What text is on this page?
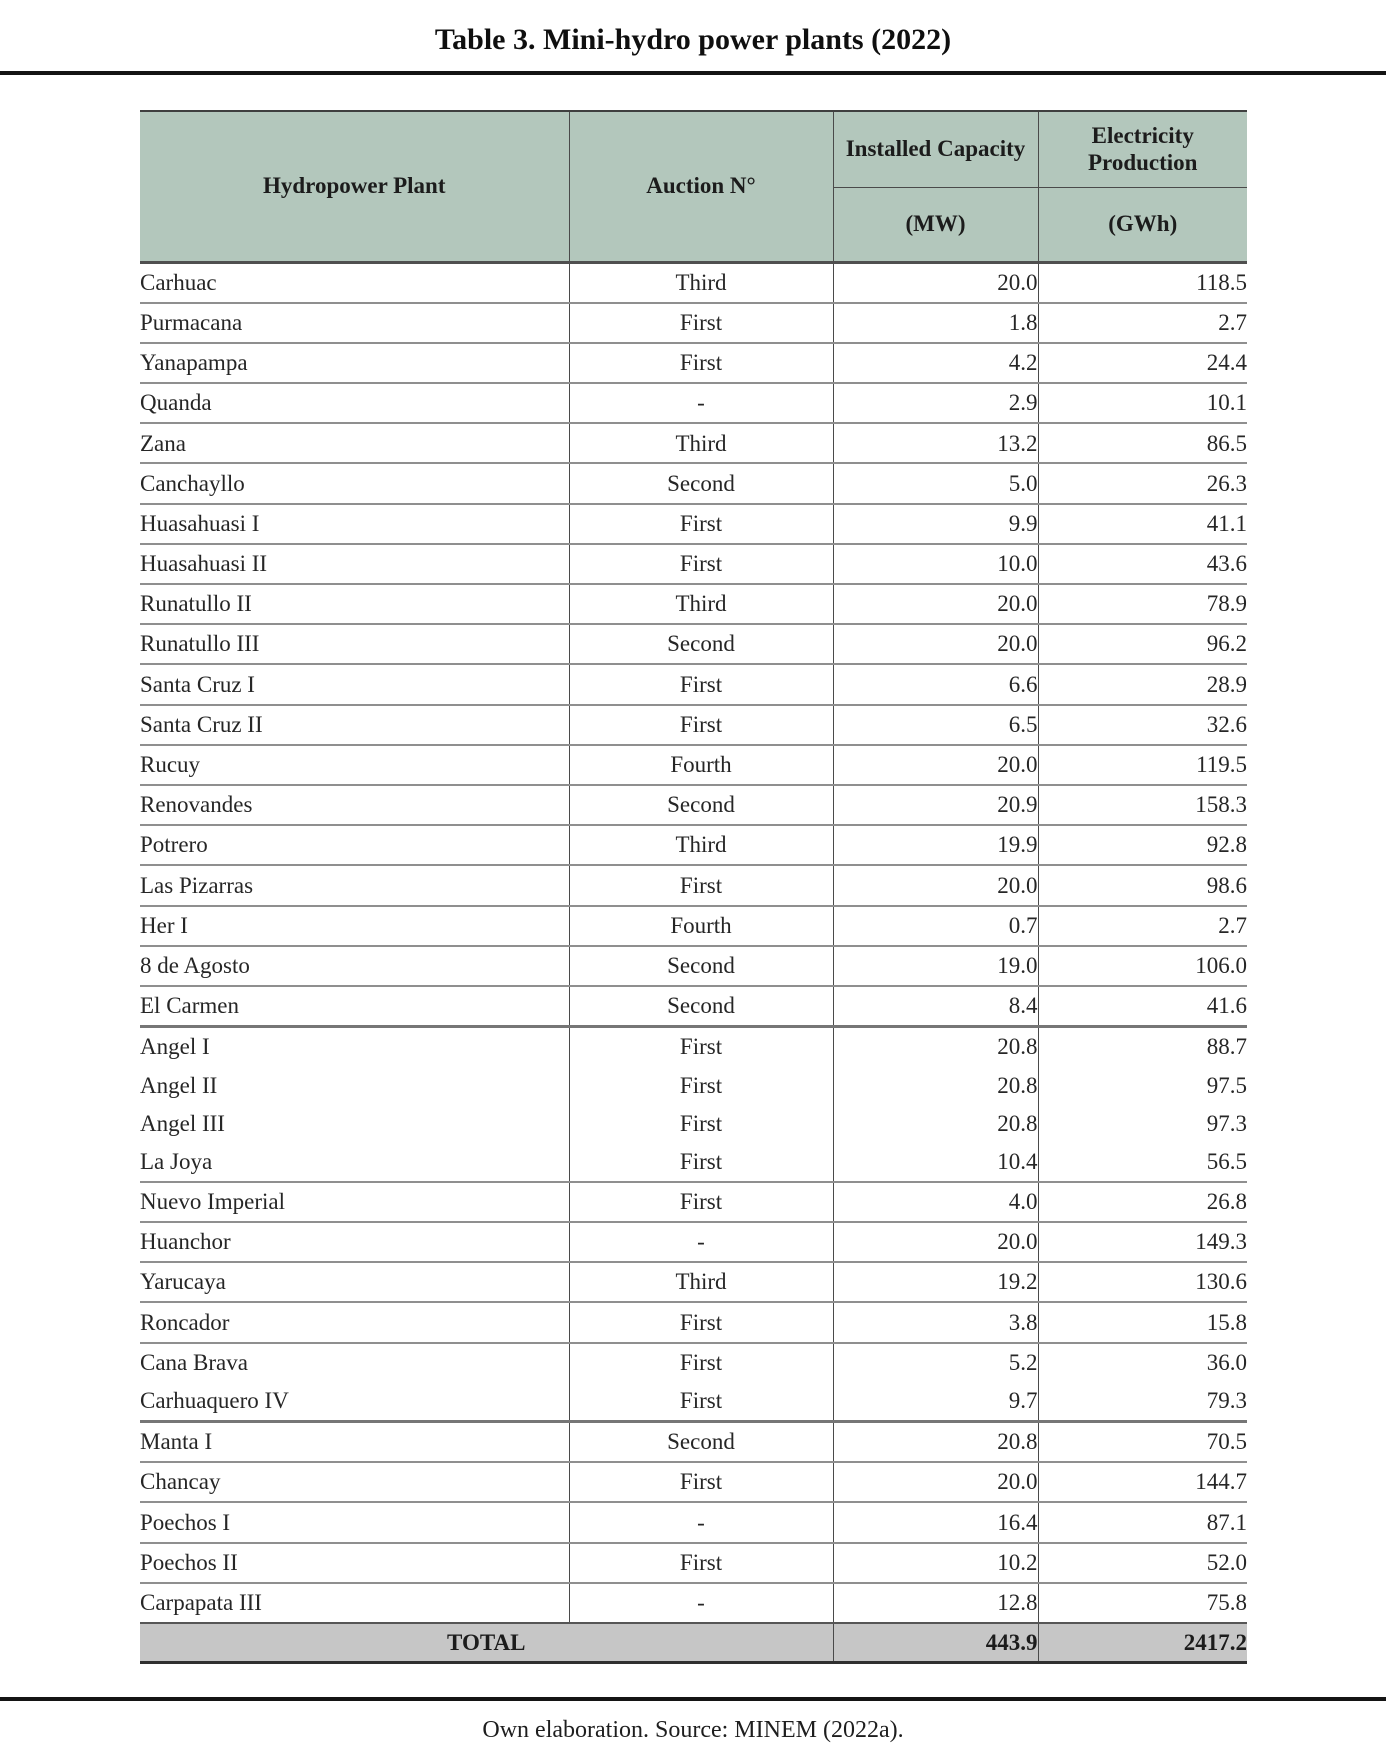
Table 3. Mini-hydro power plants (2022)
Hydropower Plant	Auction N°	Installed Capacity	Electricity Production
		(MW)	(GWh)
Carhuac	Third	20.0	118.5
Purmacana	First	1.8	2.7
Yanapampa	First	4.2	24.4
Quanda	-	2.9	10.1
Zana	Third	13.2	86.5
Canchayllo	Second	5.0	26.3
Huasahuasi I	First	9.9	41.1
Huasahuasi II	First	10.0	43.6
Runatullo II	Third	20.0	78.9
Runatullo III	Second	20.0	96.2
Santa Cruz I	First	6.6	28.9
Santa Cruz II	First	6.5	32.6
Rucuy	Fourth	20.0	119.5
Renovandes	Second	20.9	158.3
Potrero	Third	19.9	92.8
Las Pizarras	First	20.0	98.6
Her I	Fourth	0.7	2.7
8 de Agosto	Second	19.0	106.0
El Carmen	Second	8.4	41.6
Angel I	First	20.8	88.7
Angel II	First	20.8	97.5
Angel III	First	20.8	97.3
La Joya	First	10.4	56.5
Nuevo Imperial	First	4.0	26.8
Huanchor	-	20.0	149.3
Yarucaya	Third	19.2	130.6
Roncador	First	3.8	15.8
Cana Brava	First	5.2	36.0
Carhuaquero IV	First	9.7	79.3
Manta I	Second	20.8	70.5
Chancay	First	20.0	144.7
Poechos I	-	16.4	87.1
Poechos II	First	10.2	52.0
Carpapata III	-	12.8	75.8
TOTAL		443.9	2417.2

Own elaboration. Source: MINEM (2022a).
